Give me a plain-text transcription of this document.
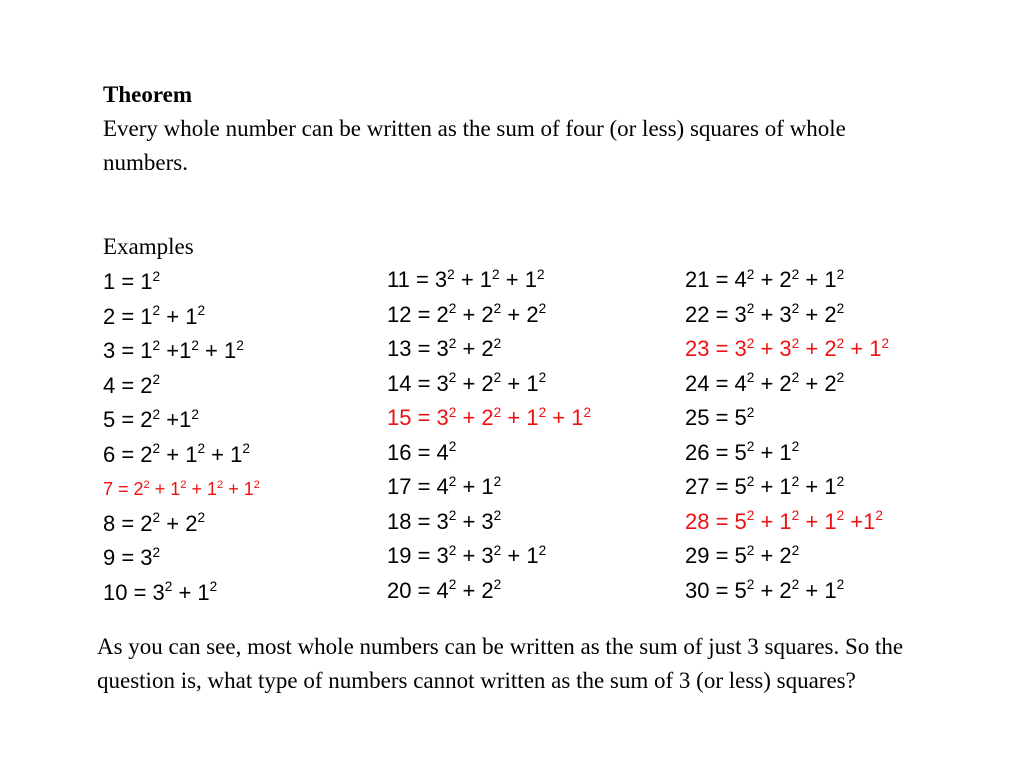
Theorem
Every whole number can be written as the sum of four (or less) squares of whole numbers.
Examples
$1 = 1^2$
$2 = 1^2 + 1^2$
$3 = 1^2 +1^2 + 1^2$
$4 = 2^2$
$5 = 2^2 +1^2$
$6 = 2^2 + 1^2 + 1^2$
$7 = 2^2 + 1^2 + 1^2 + 1^2$
$8 = 2^2 + 2^2$
$9 = 3^2$
$10 = 3^2 + 1^2$
$11 = 3^2 + 1^2 + 1^2$
$12 = 2^2 + 2^2 + 2^2$
$13 = 3^2 + 2^2$
$14 = 3^2 + 2^2 + 1^2$
$15 = 3^2 + 2^2 + 1^2 + 1^2$
$16 = 4^2$
$17 = 4^2 + 1^2$
$18 = 3^2 + 3^2$
$19 = 3^2 + 3^2 + 1^2$
$20 = 4^2 + 2^2$
$21 = 4^2 + 2^2 + 1^2$
$22 = 3^2 + 3^2 + 2^2$
$23 = 3^2 + 3^2 + 2^2 + 1^2$
$24 = 4^2 + 2^2 + 2^2$
$25 = 5^2$
$26 = 5^2 + 1^2$
$27 = 5^2 + 1^2 + 1^2$
$28 = 5^2 + 1^2 + 1^2 +1^2$
$29 = 5^2 + 2^2$
$30 = 5^2 + 2^2 + 1^2$
As you can see, most whole numbers can be written as the sum of just 3 squares. So the question is, what type of numbers cannot written as the sum of 3 (or less) squares?
